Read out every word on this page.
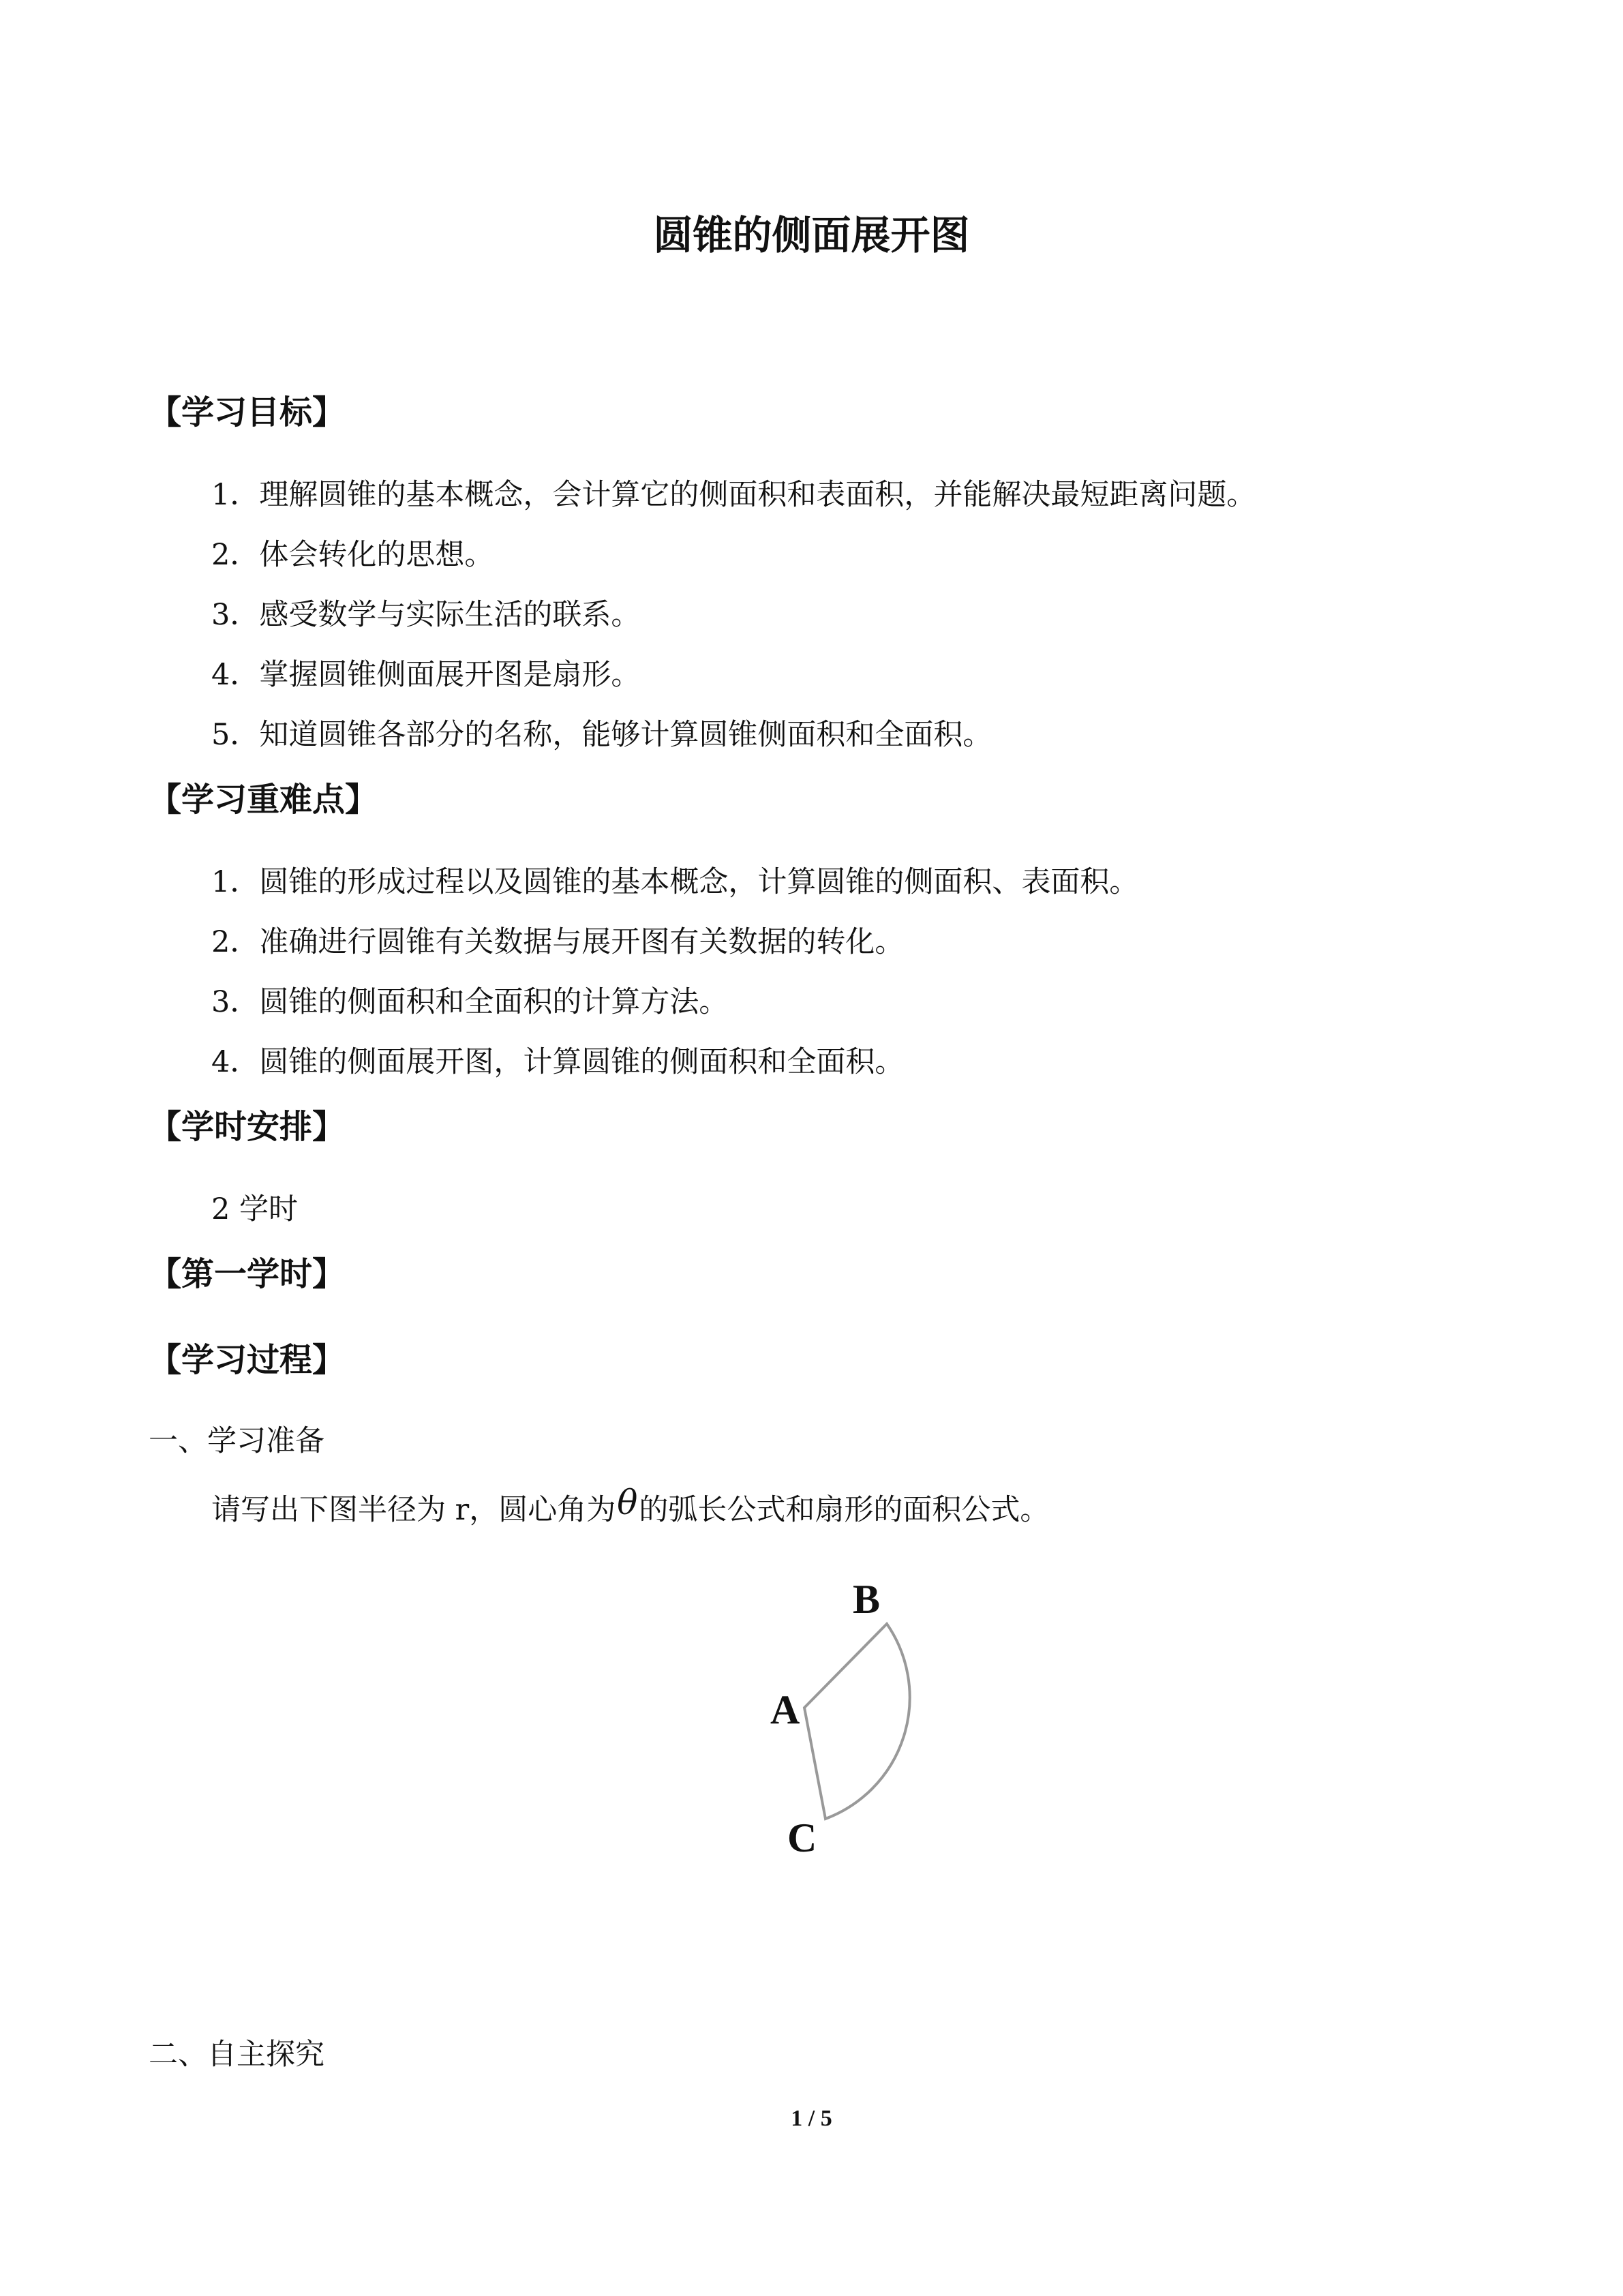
圆锥的侧面展开图
【学习目标】
1．理解圆锥的基本概念，会计算它的侧面积和表面积，并能解决最短距离问题。
2．体会转化的思想。
3．感受数学与实际生活的联系。
4．掌握圆锥侧面展开图是扇形。
5．知道圆锥各部分的名称，能够计算圆锥侧面积和全面积。
【学习重难点】
1．圆锥的形成过程以及圆锥的基本概念，计算圆锥的侧面积、表面积。
2．准确进行圆锥有关数据与展开图有关数据的转化。
3．圆锥的侧面积和全面积的计算方法。
4．圆锥的侧面展开图，计算圆锥的侧面积和全面积。
【学时安排】
2 学时
【第一学时】
【学习过程】
一、学习准备
请写出下图半径为 r，圆心角为θ的弧长公式和扇形的面积公式。
B
A
C
二、自主探究
1 / 5
